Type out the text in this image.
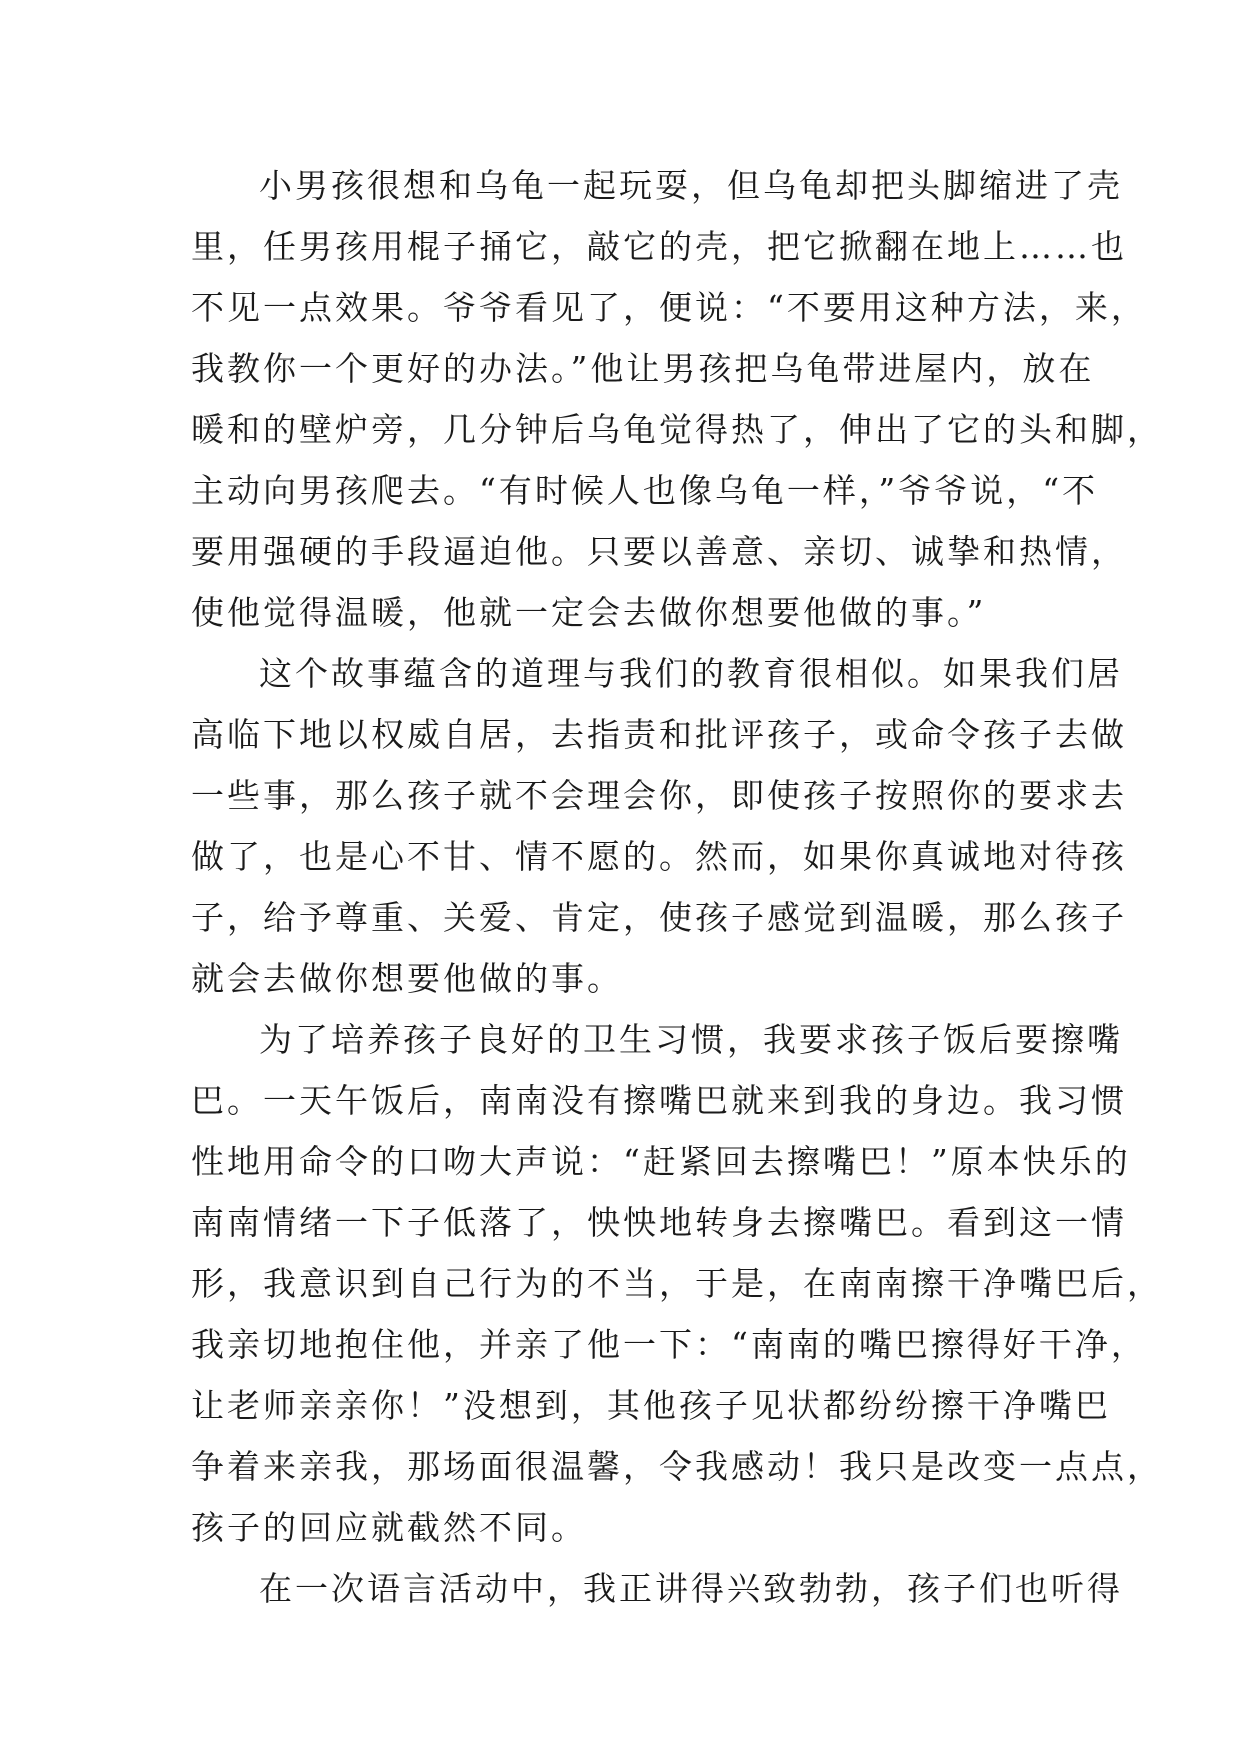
小男孩很想和乌龟一起玩耍，但乌龟却把头脚缩进了壳
里，任男孩用棍子捅它，敲它的壳，把它掀翻在地上……也
不见一点效果。爷爷看见了，便说：“不要用这种方法，来，
我教你一个更好的办法。”他让男孩把乌龟带进屋内，放在
暖和的壁炉旁，几分钟后乌龟觉得热了，伸出了它的头和脚，
主动向男孩爬去。“有时候人也像乌龟一样，”爷爷说，“不
要用强硬的手段逼迫他。只要以善意、亲切、诚挚和热情，
使他觉得温暖，他就一定会去做你想要他做的事。”

这个故事蕴含的道理与我们的教育很相似。如果我们居
高临下地以权威自居，去指责和批评孩子，或命令孩子去做
一些事，那么孩子就不会理会你，即使孩子按照你的要求去
做了，也是心不甘、情不愿的。然而，如果你真诚地对待孩
子，给予尊重、关爱、肯定，使孩子感觉到温暖，那么孩子
就会去做你想要他做的事。

为了培养孩子良好的卫生习惯，我要求孩子饭后要擦嘴
巴。一天午饭后，南南没有擦嘴巴就来到我的身边。我习惯
性地用命令的口吻大声说：“赶紧回去擦嘴巴！”原本快乐的
南南情绪一下子低落了，怏怏地转身去擦嘴巴。看到这一情
形，我意识到自己行为的不当，于是，在南南擦干净嘴巴后，
我亲切地抱住他，并亲了他一下：“南南的嘴巴擦得好干净，
让老师亲亲你！”没想到，其他孩子见状都纷纷擦干净嘴巴
争着来亲我，那场面很温馨，令我感动！我只是改变一点点，
孩子的回应就截然不同。

在一次语言活动中，我正讲得兴致勃勃，孩子们也听得
